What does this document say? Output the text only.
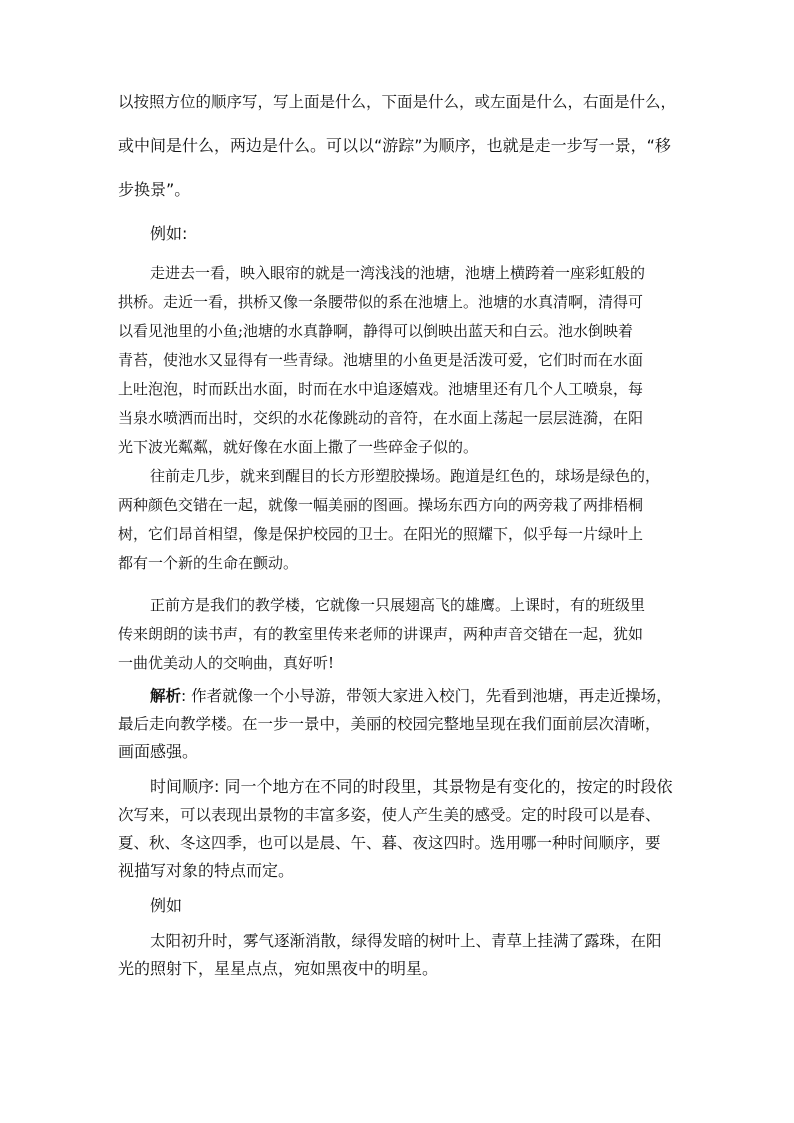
以按照方位的顺序写，写上面是什么，下面是什么，或左面是什么，右面是什么，

或中间是什么，两边是什么。可以以“游踪”为顺序，也就是走一步写一景，“移

步换景”。

例如:

走进去一看，映入眼帘的就是一湾浅浅的池塘，池塘上横跨着一座彩虹般的

拱桥。走近一看，拱桥又像一条腰带似的系在池塘上。池塘的水真清啊，清得可

以看见池里的小鱼;池塘的水真静啊，静得可以倒映出蓝天和白云。池水倒映着

青苔，使池水又显得有一些青绿。池塘里的小鱼更是活泼可爱，它们时而在水面

上吐泡泡，时而跃出水面，时而在水中追逐嬉戏。池塘里还有几个人工喷泉，每

当泉水喷洒而出时，交织的水花像跳动的音符，在水面上荡起一层层涟漪，在阳

光下波光粼粼，就好像在水面上撒了一些碎金子似的。

往前走几步，就来到醒目的长方形塑胶操场。跑道是红色的，球场是绿色的，

两种颜色交错在一起，就像一幅美丽的图画。操场东西方向的两旁栽了两排梧桐

树，它们昂首相望，像是保护校园的卫士。在阳光的照耀下，似乎每一片绿叶上

都有一个新的生命在颤动。

正前方是我们的教学楼，它就像一只展翅高飞的雄鹰。上课时，有的班级里

传来朗朗的读书声，有的教室里传来老师的讲课声，两种声音交错在一起，犹如

一曲优美动人的交响曲，真好听!

解析: 作者就像一个小导游，带领大家进入校门，先看到池塘，再走近操场，

最后走向教学楼。在一步一景中，美丽的校园完整地呈现在我们面前层次清晰，

画面感强。

时间顺序: 同一个地方在不同的时段里，其景物是有变化的，按定的时段依

次写来，可以表现出景物的丰富多姿，使人产生美的感受。定的时段可以是春、

夏、秋、冬这四季，也可以是晨、午、暮、夜这四时。选用哪一种时间顺序，要

视描写对象的特点而定。

例如

太阳初升时，雾气逐渐消散，绿得发暗的树叶上、青草上挂满了露珠，在阳

光的照射下，星星点点，宛如黑夜中的明星。
